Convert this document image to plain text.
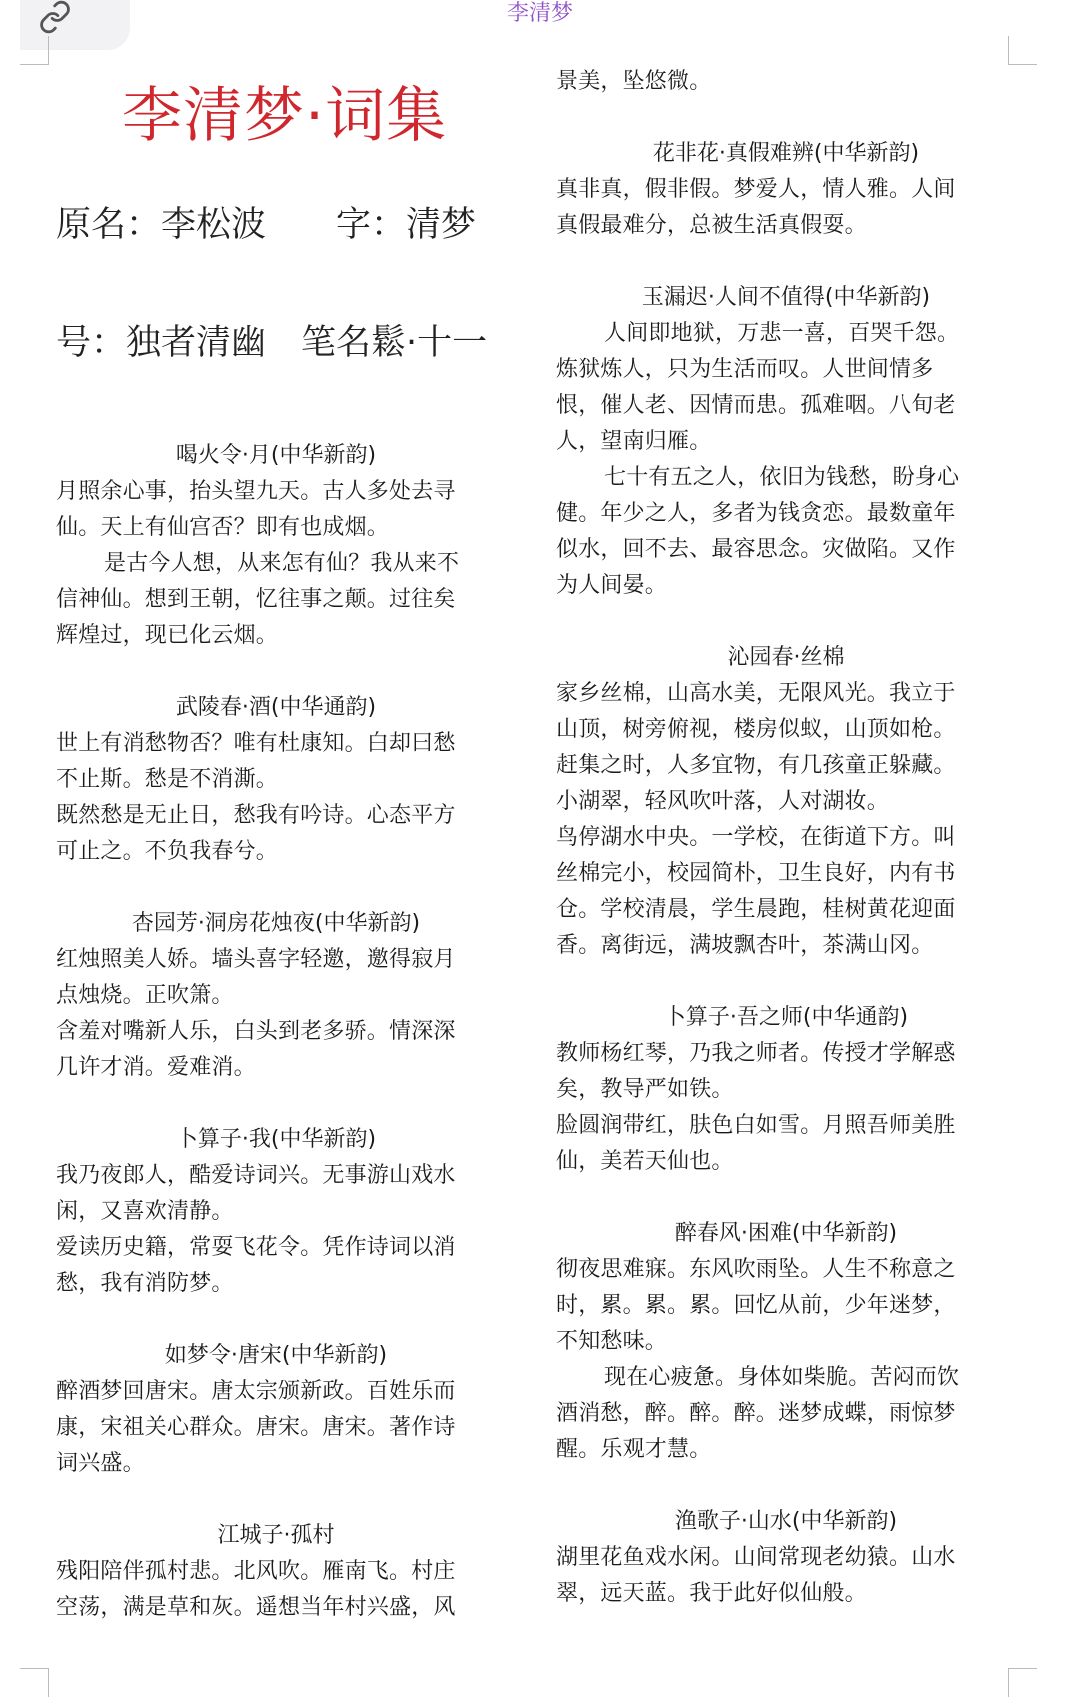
李清梦
李清梦·词集
原名：李松波　　字：清梦
号：独者清幽　笔名鬆·十一
喝火令·月(中华新韵)
月照余心事，抬头望九天。古人多处去寻
仙。天上有仙宫否？即有也成烟。
是古今人想，从来怎有仙？我从来不
信神仙。想到王朝，忆往事之颠。过往矣
辉煌过，现已化云烟。
武陵春·酒(中华通韵)
世上有消愁物否？唯有杜康知。白却曰愁
不止斯。愁是不消澌。
既然愁是无止日，愁我有吟诗。心态平方
可止之。不负我春兮。
杏园芳·洞房花烛夜(中华新韵)
红烛照美人娇。墙头喜字轻邀，邀得寂月
点烛烧。正吹箫。
含羞对嘴新人乐，白头到老多骄。情深深
几许才消。爱难消。
卜算子·我(中华新韵)
我乃夜郎人，酷爱诗词兴。无事游山戏水
闲，又喜欢清静。
爱读历史籍，常耍飞花令。凭作诗词以消
愁，我有消防梦。
如梦令·唐宋(中华新韵)
醉酒梦回唐宋。唐太宗颁新政。百姓乐而
康，宋祖关心群众。唐宋。唐宋。著作诗
词兴盛。
江城子·孤村
残阳陪伴孤村悲。北风吹。雁南飞。村庄
空荡，满是草和灰。遥想当年村兴盛，风
景美，坠悠微。
花非花·真假难辨(中华新韵)
真非真，假非假。梦爱人，情人雅。人间
真假最难分，总被生活真假耍。
玉漏迟·人间不值得(中华新韵)
人间即地狱，万悲一喜，百哭千怨。
炼狱炼人，只为生活而叹。人世间情多
恨，催人老、因情而患。孤难咽。八旬老
人，望南归雁。
七十有五之人，依旧为钱愁，盼身心
健。年少之人，多者为钱贪恋。最数童年
似水，回不去、最容思念。灾做陷。又作
为人间晏。
沁园春·丝棉
家乡丝棉，山高水美，无限风光。我立于
山顶，树旁俯视，楼房似蚁，山顶如枪。
赶集之时，人多宜物，有几孩童正躲藏。
小湖翠，轻风吹叶落，人对湖妆。
鸟停湖水中央。一学校，在街道下方。叫
丝棉完小，校园简朴，卫生良好，内有书
仓。学校清晨，学生晨跑，桂树黄花迎面
香。离街远，满坡飘杏叶，茶满山冈。
卜算子·吾之师(中华通韵)
教师杨红琴，乃我之师者。传授才学解惑
矣，教导严如铁。
脸圆润带红，肤色白如雪。月照吾师美胜
仙，美若天仙也。
醉春风·困难(中华新韵)
彻夜思难寐。东风吹雨坠。人生不称意之
时，累。累。累。回忆从前，少年迷梦，
不知愁味。
现在心疲惫。身体如柴脆。苦闷而饮
酒消愁，醉。醉。醉。迷梦成蝶，雨惊梦
醒。乐观才慧。
渔歌子·山水(中华新韵)
湖里花鱼戏水闲。山间常现老幼猿。山水
翠，远天蓝。我于此好似仙般。
